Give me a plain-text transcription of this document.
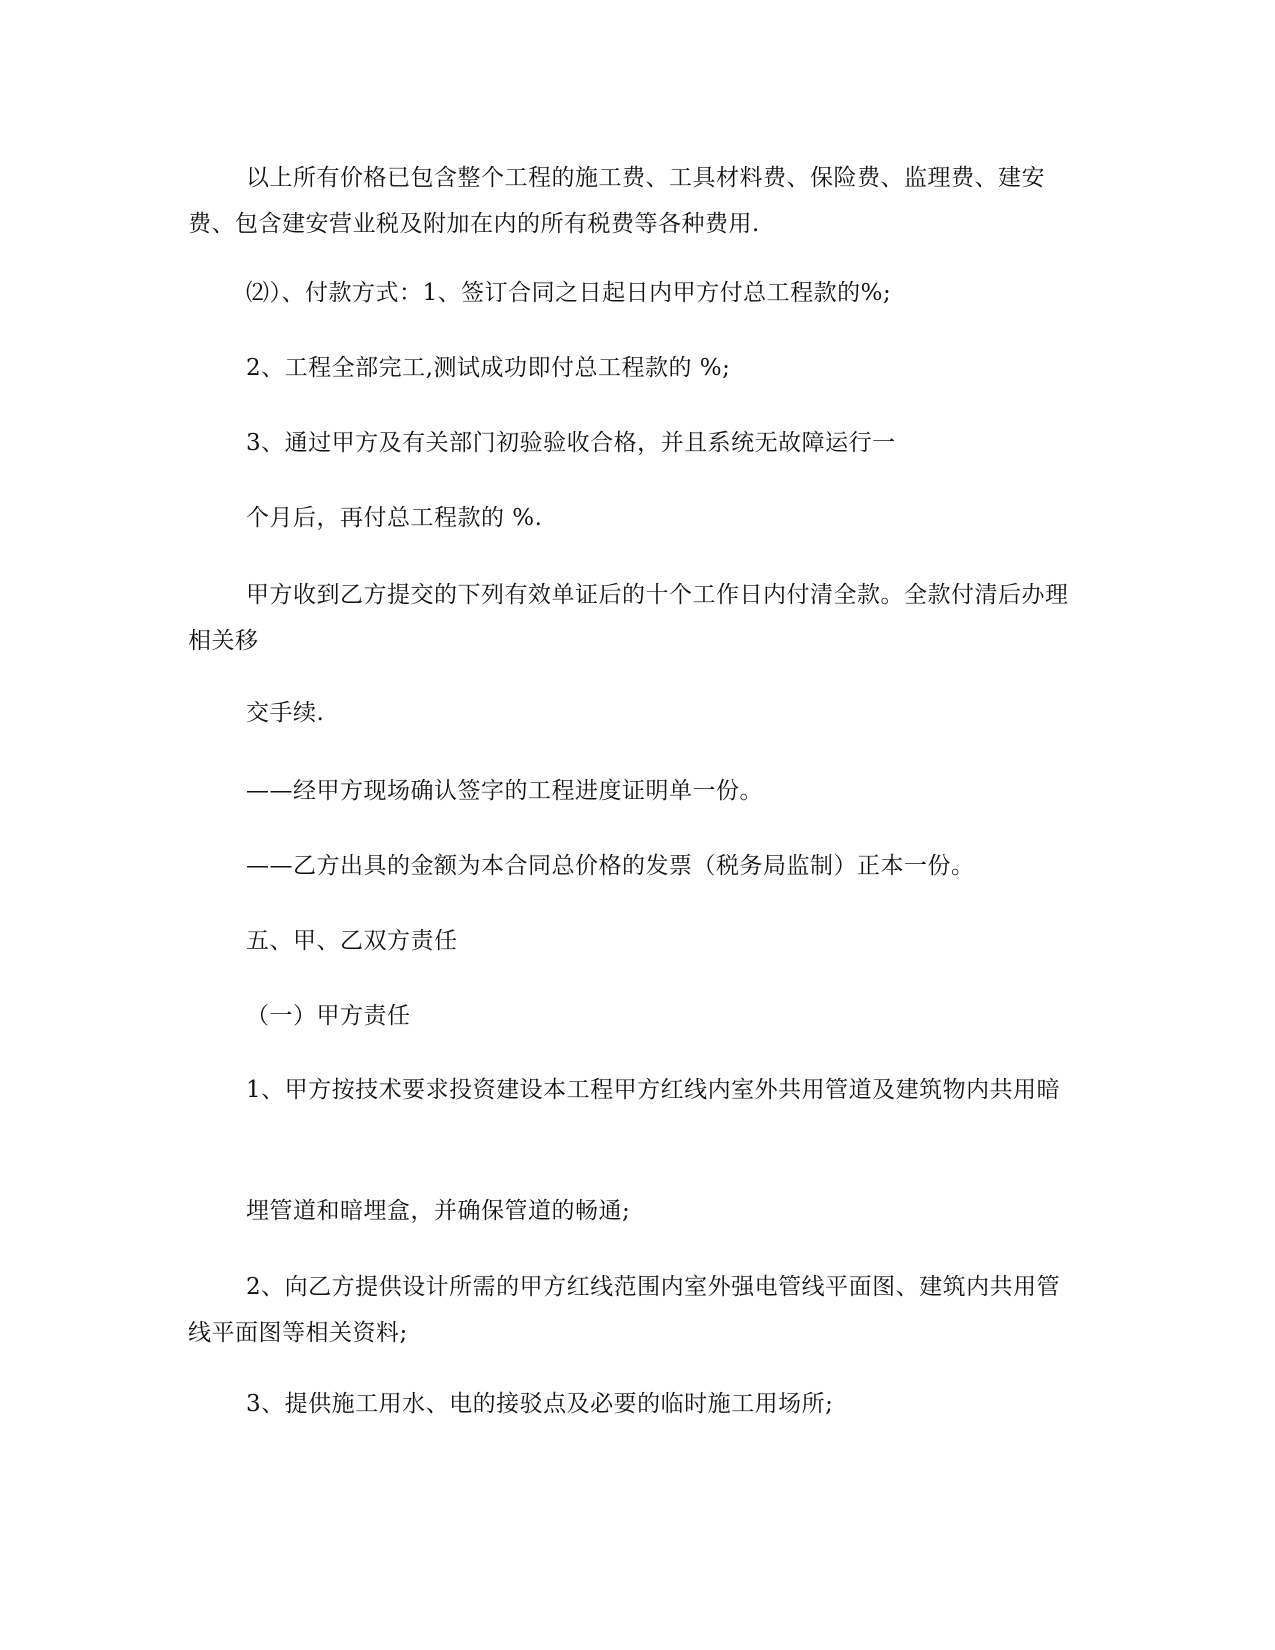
以上所有价格已包含整个工程的施工费、工具材料费、保险费、监理费、建安费、包含建安营业税及附加在内的所有税费等各种费用.

⑵）、付款方式：1、签订合同之日起日内甲方付总工程款的%;

2、工程全部完工,测试成功即付总工程款的 %;

3、通过甲方及有关部门初验验收合格，并且系统无故障运行一

个月后，再付总工程款的 %.

甲方收到乙方提交的下列有效单证后的十个工作日内付清全款。全款付清后办理相关移

交手续.

——经甲方现场确认签字的工程进度证明单一份。

——乙方出具的金额为本合同总价格的发票（税务局监制）正本一份。

五、甲、乙双方责任

（一）甲方责任

1、甲方按技术要求投资建设本工程甲方红线内室外共用管道及建筑物内共用暗

埋管道和暗埋盒，并确保管道的畅通;

2、向乙方提供设计所需的甲方红线范围内室外强电管线平面图、建筑内共用管线平面图等相关资料;

3、提供施工用水、电的接驳点及必要的临时施工用场所;
